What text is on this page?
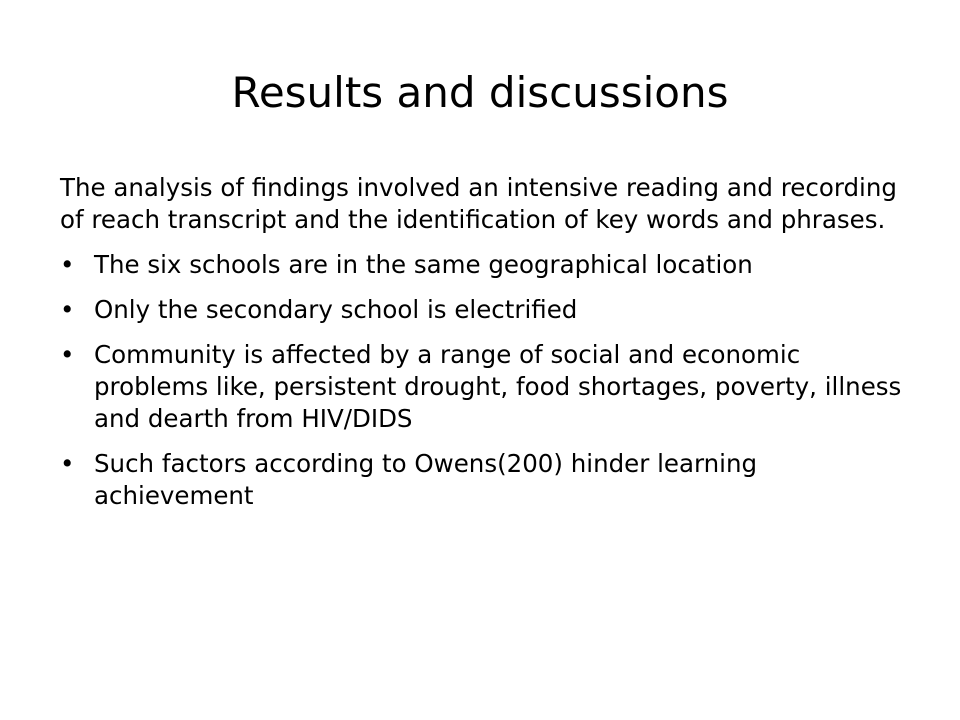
Results and discussions

The analysis of findings involved an intensive reading and recording of reach transcript and the identification of key words and phrases.

• The six schools are in the same geographical location
• Only the secondary school is electrified
• Community is affected by a range of social and economic problems like, persistent drought, food shortages, poverty, illness and dearth from HIV/DIDS
• Such factors according to Owens(200) hinder learning achievement
